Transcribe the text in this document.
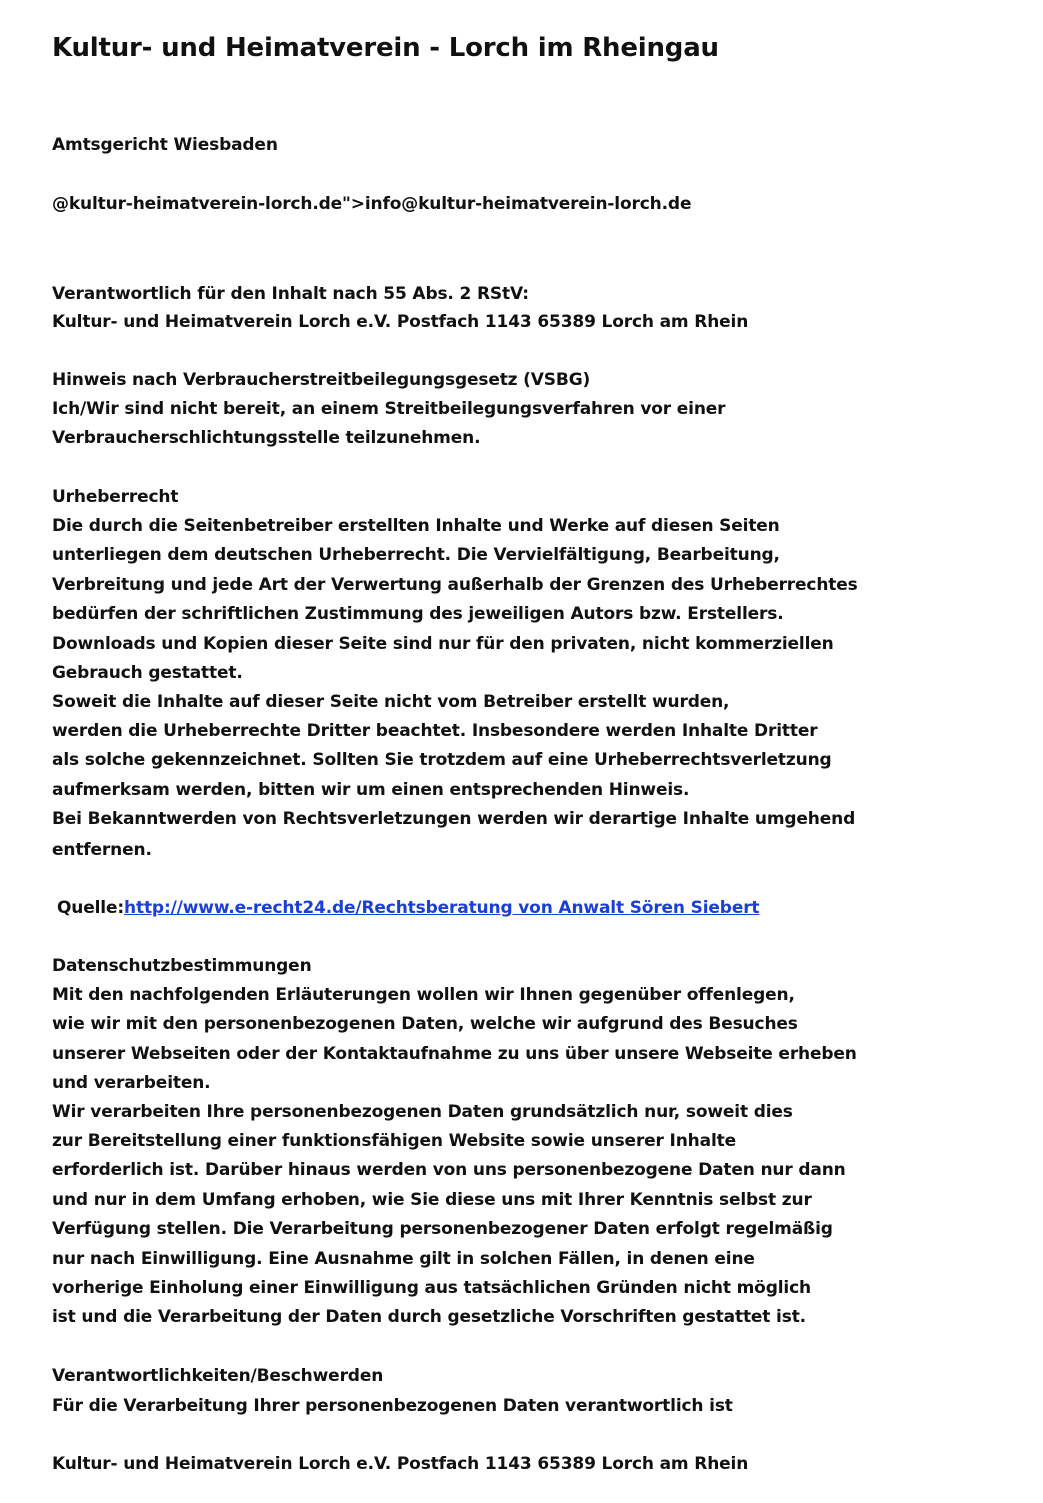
Kultur- und Heimatverein - Lorch im Rheingau
Amtsgericht Wiesbaden
@kultur-heimatverein-lorch.de">info@kultur-heimatverein-lorch.de
Verantwortlich für den Inhalt nach 55 Abs. 2 RStV:
Kultur- und Heimatverein Lorch e.V. Postfach 1143 65389 Lorch am Rhein
Hinweis nach Verbraucherstreitbeilegungsgesetz (VSBG)
Ich/Wir sind nicht bereit, an einem Streitbeilegungsverfahren vor einer
Verbraucherschlichtungsstelle teilzunehmen.
Urheberrecht
Die durch die Seitenbetreiber erstellten Inhalte und Werke auf diesen Seiten
unterliegen dem deutschen Urheberrecht. Die Vervielfältigung, Bearbeitung,
Verbreitung und jede Art der Verwertung außerhalb der Grenzen des Urheberrechtes
bedürfen der schriftlichen Zustimmung des jeweiligen Autors bzw. Erstellers.
Downloads und Kopien dieser Seite sind nur für den privaten, nicht kommerziellen
Gebrauch gestattet.
Soweit die Inhalte auf dieser Seite nicht vom Betreiber erstellt wurden,
werden die Urheberrechte Dritter beachtet. Insbesondere werden Inhalte Dritter
als solche gekennzeichnet. Sollten Sie trotzdem auf eine Urheberrechtsverletzung
aufmerksam werden, bitten wir um einen entsprechenden Hinweis.
Bei Bekanntwerden von Rechtsverletzungen werden wir derartige Inhalte umgehend
entfernen.
Quelle:http://www.e-recht24.de/Rechtsberatung von Anwalt Sören Siebert
Datenschutzbestimmungen
Mit den nachfolgenden Erläuterungen wollen wir Ihnen gegenüber offenlegen,
wie wir mit den personenbezogenen Daten, welche wir aufgrund des Besuches
unserer Webseiten oder der Kontaktaufnahme zu uns über unsere Webseite erheben
und verarbeiten.
Wir verarbeiten Ihre personenbezogenen Daten grundsätzlich nur, soweit dies
zur Bereitstellung einer funktionsfähigen Website sowie unserer Inhalte
erforderlich ist. Darüber hinaus werden von uns personenbezogene Daten nur dann
und nur in dem Umfang erhoben, wie Sie diese uns mit Ihrer Kenntnis selbst zur
Verfügung stellen. Die Verarbeitung personenbezogener Daten erfolgt regelmäßig
nur nach Einwilligung. Eine Ausnahme gilt in solchen Fällen, in denen eine
vorherige Einholung einer Einwilligung aus tatsächlichen Gründen nicht möglich
ist und die Verarbeitung der Daten durch gesetzliche Vorschriften gestattet ist.
Verantwortlichkeiten/Beschwerden
Für die Verarbeitung Ihrer personenbezogenen Daten verantwortlich ist
Kultur- und Heimatverein Lorch e.V. Postfach 1143 65389 Lorch am Rhein
